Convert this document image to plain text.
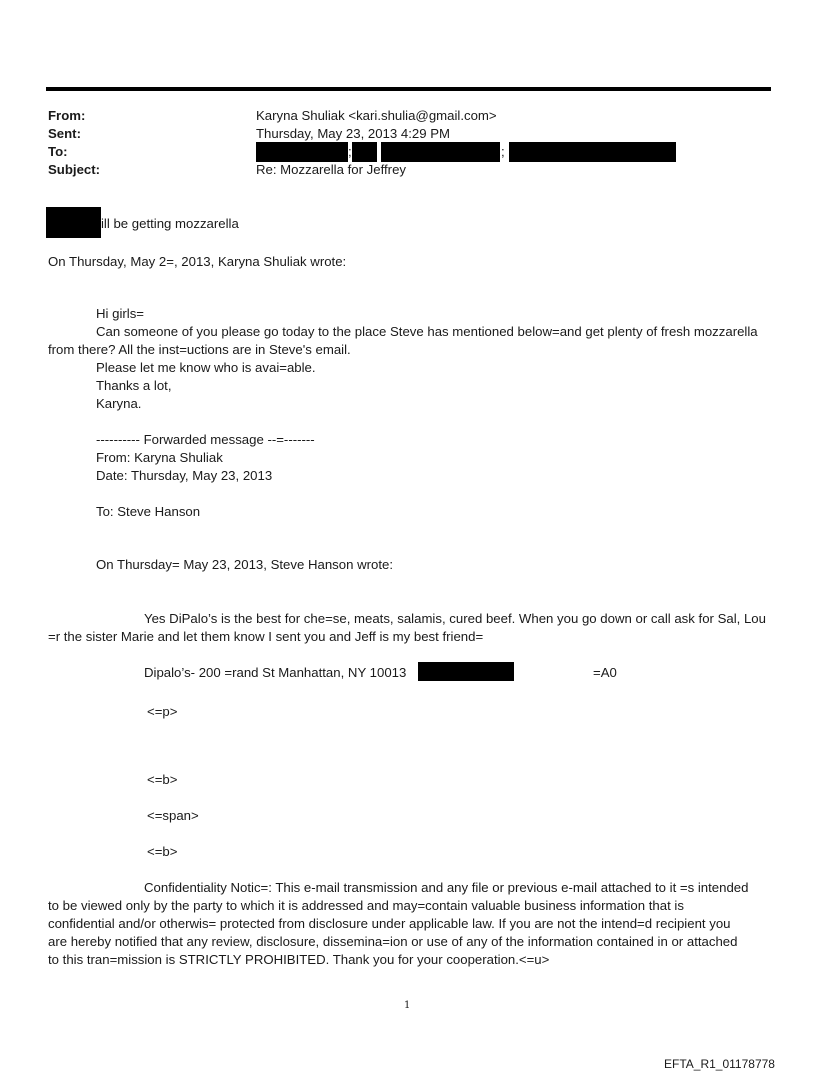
From:
Sent:
To:
Subject:
Karyna Shuliak <kari.shulia@gmail.com>
Thursday, May 23, 2013 4:29 PM
;	;
Re: Mozzarella for Jeffrey
ill be getting mozzarella
On Thursday, May 2=, 2013, Karyna Shuliak wrote:
Hi girls=
Can someone of you please go today to the place Steve has mentioned below=and get plenty of fresh mozzarella
from there? All the inst=uctions are in Steve's email.
Please let me know who is avai=able.
Thanks a lot,
Karyna.
---------- Forwarded message --=-------
From: Karyna Shuliak
Date: Thursday, May 23, 2013
To: Steve Hanson
On Thursday= May 23, 2013, Steve Hanson wrote:
Yes DiPalo’s is the best for che=se, meats, salamis, cured beef. When you go down or call ask for Sal, Lou
=r the sister Marie and let them know I sent you and Jeff is my best friend=
Dipalo’s- 200 =rand St Manhattan, NY 10013	=A0
<=p>
<=b>
<=span>
<=b>
Confidentiality Notic=: This e-mail transmission and any file or previous e-mail attached to it =s intended
to be viewed only by the party to which it is addressed and may=contain valuable business information that is
confidential and/or otherwis= protected from disclosure under applicable law. If you are not the intend=d recipient you
are hereby notified that any review, disclosure, dissemina=ion or use of any of the information contained in or attached
to this tran=mission is STRICTLY PROHIBITED. Thank you for your cooperation.<=u>
1
EFTA_R1_01178778
